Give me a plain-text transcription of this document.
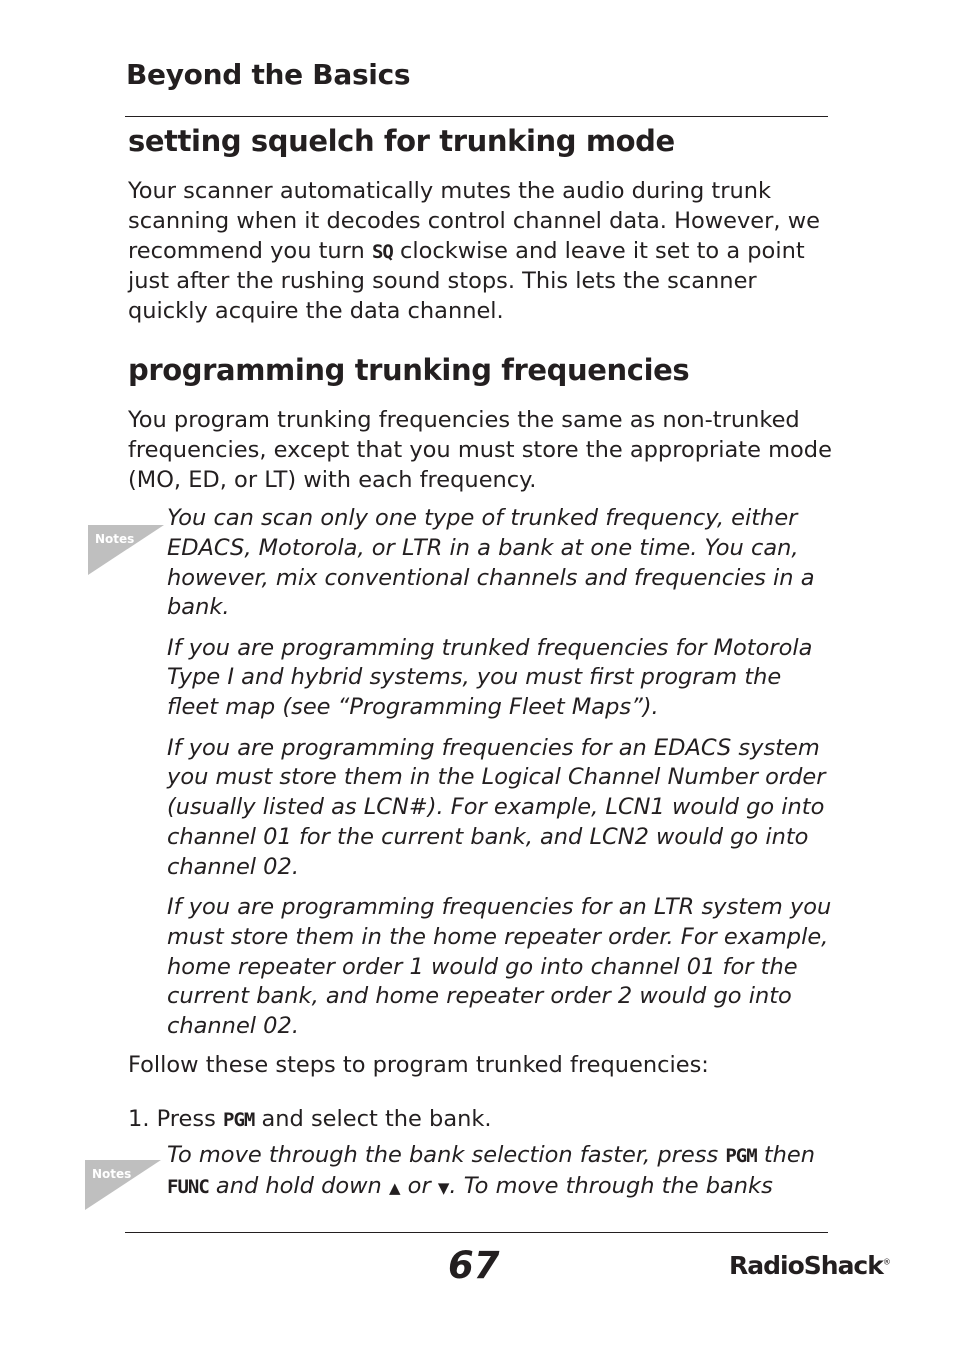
Beyond the Basics
setting squelch for trunking mode
Your scanner automatically mutes the audio during trunk scanning when it decodes control channel data. However, we recommend you turn SQ clockwise and leave it set to a point just after the rushing sound stops. This lets the scanner quickly acquire the data channel.
programming trunking frequencies
You program trunking frequencies the same as non-trunked frequencies, except that you must store the appropriate mode (MO, ED, or LT) with each frequency.
Notes

You can scan only one type of trunked frequency, either EDACS, Motorola, or LTR in a bank at one time. You can, however, mix conventional channels and frequencies in a bank.

If you are programming trunked frequencies for Motorola Type I and hybrid systems, you must first program the fleet map (see “Programming Fleet Maps”).

If you are programming frequencies for an EDACS system you must store them in the Logical Channel Number order (usually listed as LCN#). For example, LCN1 would go into channel 01 for the current bank, and LCN2 would go into channel 02.

If you are programming frequencies for an LTR system you must store them in the home repeater order. For example, home repeater order 1 would go into channel 01 for the current bank, and home repeater order 2 would go into channel 02.

Follow these steps to program trunked frequencies:
1. Press PGM and select the bank.
Notes
To move through the bank selection faster, press PGM then
FUNC and hold down ▲ or ▼. To move through the banks
67	RadioShack®
